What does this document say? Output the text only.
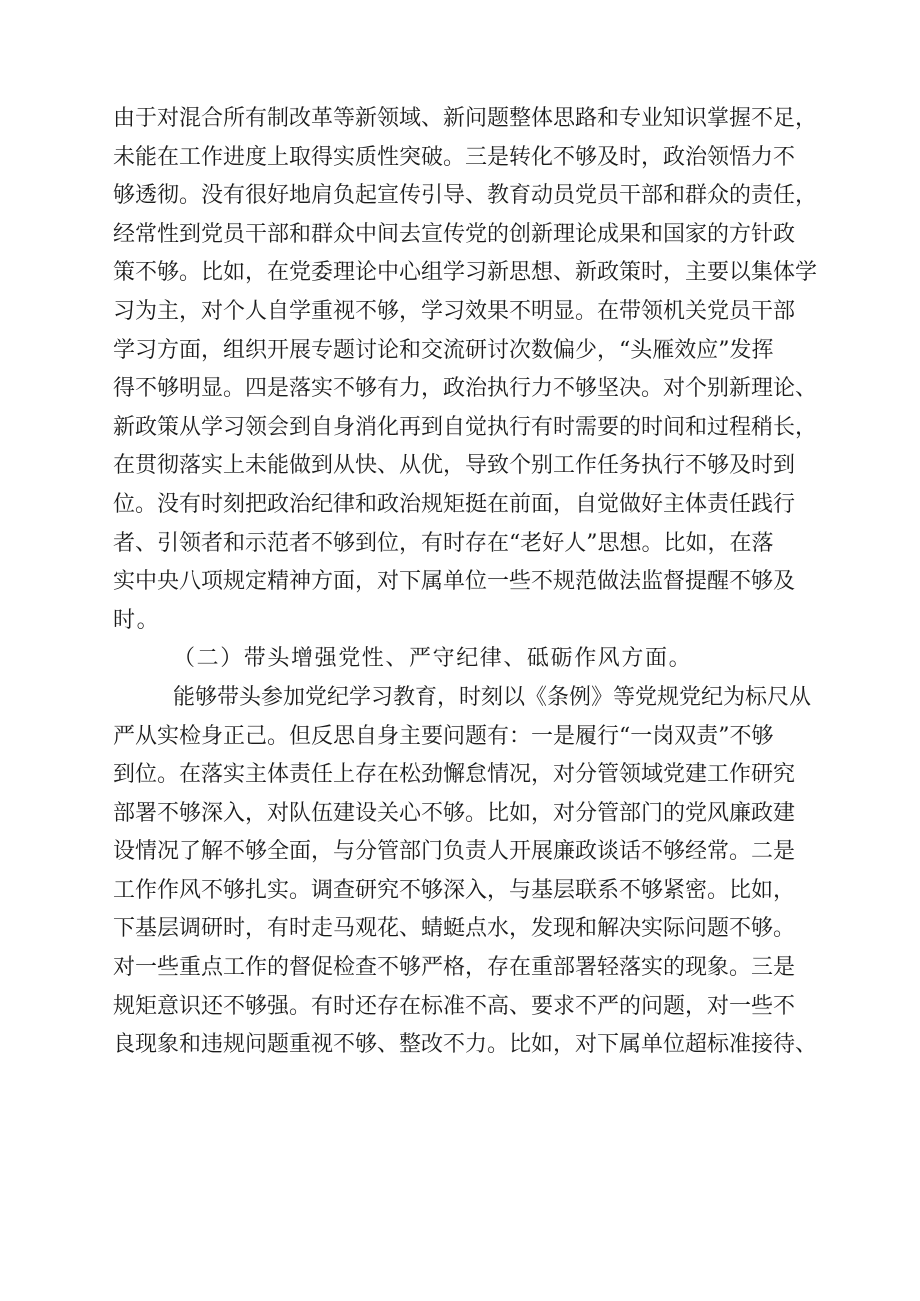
由于对混合所有制改革等新领域、新问题整体思路和专业知识掌握不足，
未能在工作进度上取得实质性突破。三是转化不够及时，政治领悟力不
够透彻。没有很好地肩负起宣传引导、教育动员党员干部和群众的责任，
经常性到党员干部和群众中间去宣传党的创新理论成果和国家的方针政
策不够。比如，在党委理论中心组学习新思想、新政策时，主要以集体学
习为主，对个人自学重视不够，学习效果不明显。在带领机关党员干部
学习方面，组织开展专题讨论和交流研讨次数偏少，“头雁效应”发挥
得不够明显。四是落实不够有力，政治执行力不够坚决。对个别新理论、
新政策从学习领会到自身消化再到自觉执行有时需要的时间和过程稍长，
在贯彻落实上未能做到从快、从优，导致个别工作任务执行不够及时到
位。没有时刻把政治纪律和政治规矩挺在前面，自觉做好主体责任践行
者、引领者和示范者不够到位，有时存在“老好人”思想。比如，在落
实中央八项规定精神方面，对下属单位一些不规范做法监督提醒不够及
时。
（二）带头增强党性、严守纪律、砥砺作风方面。
能够带头参加党纪学习教育，时刻以《条例》等党规党纪为标尺从
严从实检身正己。但反思自身主要问题有：一是履行“一岗双责”不够
到位。在落实主体责任上存在松劲懈怠情况，对分管领域党建工作研究
部署不够深入，对队伍建设关心不够。比如，对分管部门的党风廉政建
设情况了解不够全面，与分管部门负责人开展廉政谈话不够经常。二是
工作作风不够扎实。调查研究不够深入，与基层联系不够紧密。比如，
下基层调研时，有时走马观花、蜻蜓点水，发现和解决实际问题不够。
对一些重点工作的督促检查不够严格，存在重部署轻落实的现象。三是
规矩意识还不够强。有时还存在标准不高、要求不严的问题，对一些不
良现象和违规问题重视不够、整改不力。比如，对下属单位超标准接待、
